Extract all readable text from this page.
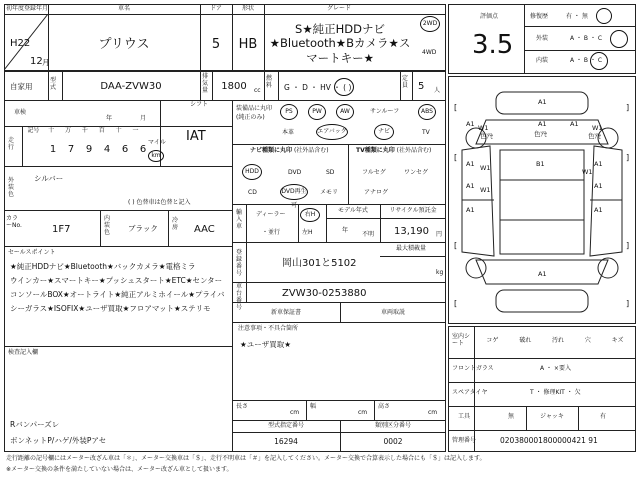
初年度登録年月
H22
12 月
車名
プリウス
ドア
5
形状
HB
グレード
S★純正HDDナビ★Bluetooth★Bカメラ★スマートキー★
2WD
4WD
自家用
型式	DAA-ZVW30
排気量	1800	cc
燃料	G ・ D ・ HV ・ ( )
定員 5 人
車検
年	月
シフト
IAT
走行
記号	十	万	千	百	十	一
1	7	9	4	6	6
マイル
km
外装色
シルバー
( ) 色替車は色替と記入
カラーNo.	1F7
内装色	ブラック
冷房	AAC
セールスポイント
★純正HDDナビ★Bluetooth★バックカメラ★電格ミラ
ウインカー★スマートキー★プッシュスタート★ETC★センター
コンソールBOX★オートライト★純正アルミホイール★プライバ
シーガラス★ISOFIX★ユーザ買取★フロアマット★ステリモ
検査記入欄
Rバンパーズレ
ボンネットP/ハゲ/外装Pアセ
装備品に丸印
(純正のみ)
PS	PW	AW	サンルーフ	ABS
本革	エアバック	ナビ	TV
ナビ種類に丸印 (社外品含む)
HDD	DVD	SD
CD	DVD再生可
メモリ
TV種類に丸印 (社外品含む)
フルセグ	ワンセグ
アナログ
輸入車
ディーラー
・並行
右H
左H
モデル年式
年
不明
リサイクル預託金
13,190 円
最大積載量
kg
登録番号
岡山301と5102
車台番号
ZVW30-0253880
新車保証書	車両取説
注意事項・不具合箇所
★ユーザ買取★
長さ
cm
幅
cm
高さ
cm
型式指定番号
16294
類別区分番号
0002
評価点
3.5
修復歴	有 ・ 無
外装	A ・ B ・ C
内装	A ・ B ・ C
A1
A1
色ｱｾ
A1 W1
色ｱｾ
A1 W1
色ｱｾ
B1
A1 W1	A1
W1
A1	A1
A1
W1
A1
A1
[	]
[	]
[	]
[	]
室内シート	コゲ	破れ	汚れ	穴	キズ
フロントガラス	A ・ ×要入
スペアタイヤ	T ・ 修理KIT ・ 欠
工具	無	ジャッキ	有
管理番号	020380001800000421 91
走行距離の記号欄にはメーター改ざん車は「＊」、メーター交換車は「＄」、走行不明車は「＃」を記入してください。メーター交換で合算表示した場合にも「＄」は記入します。
※メーター交換の条件を満たしていない場合は、メーター改ざん車として扱います。
